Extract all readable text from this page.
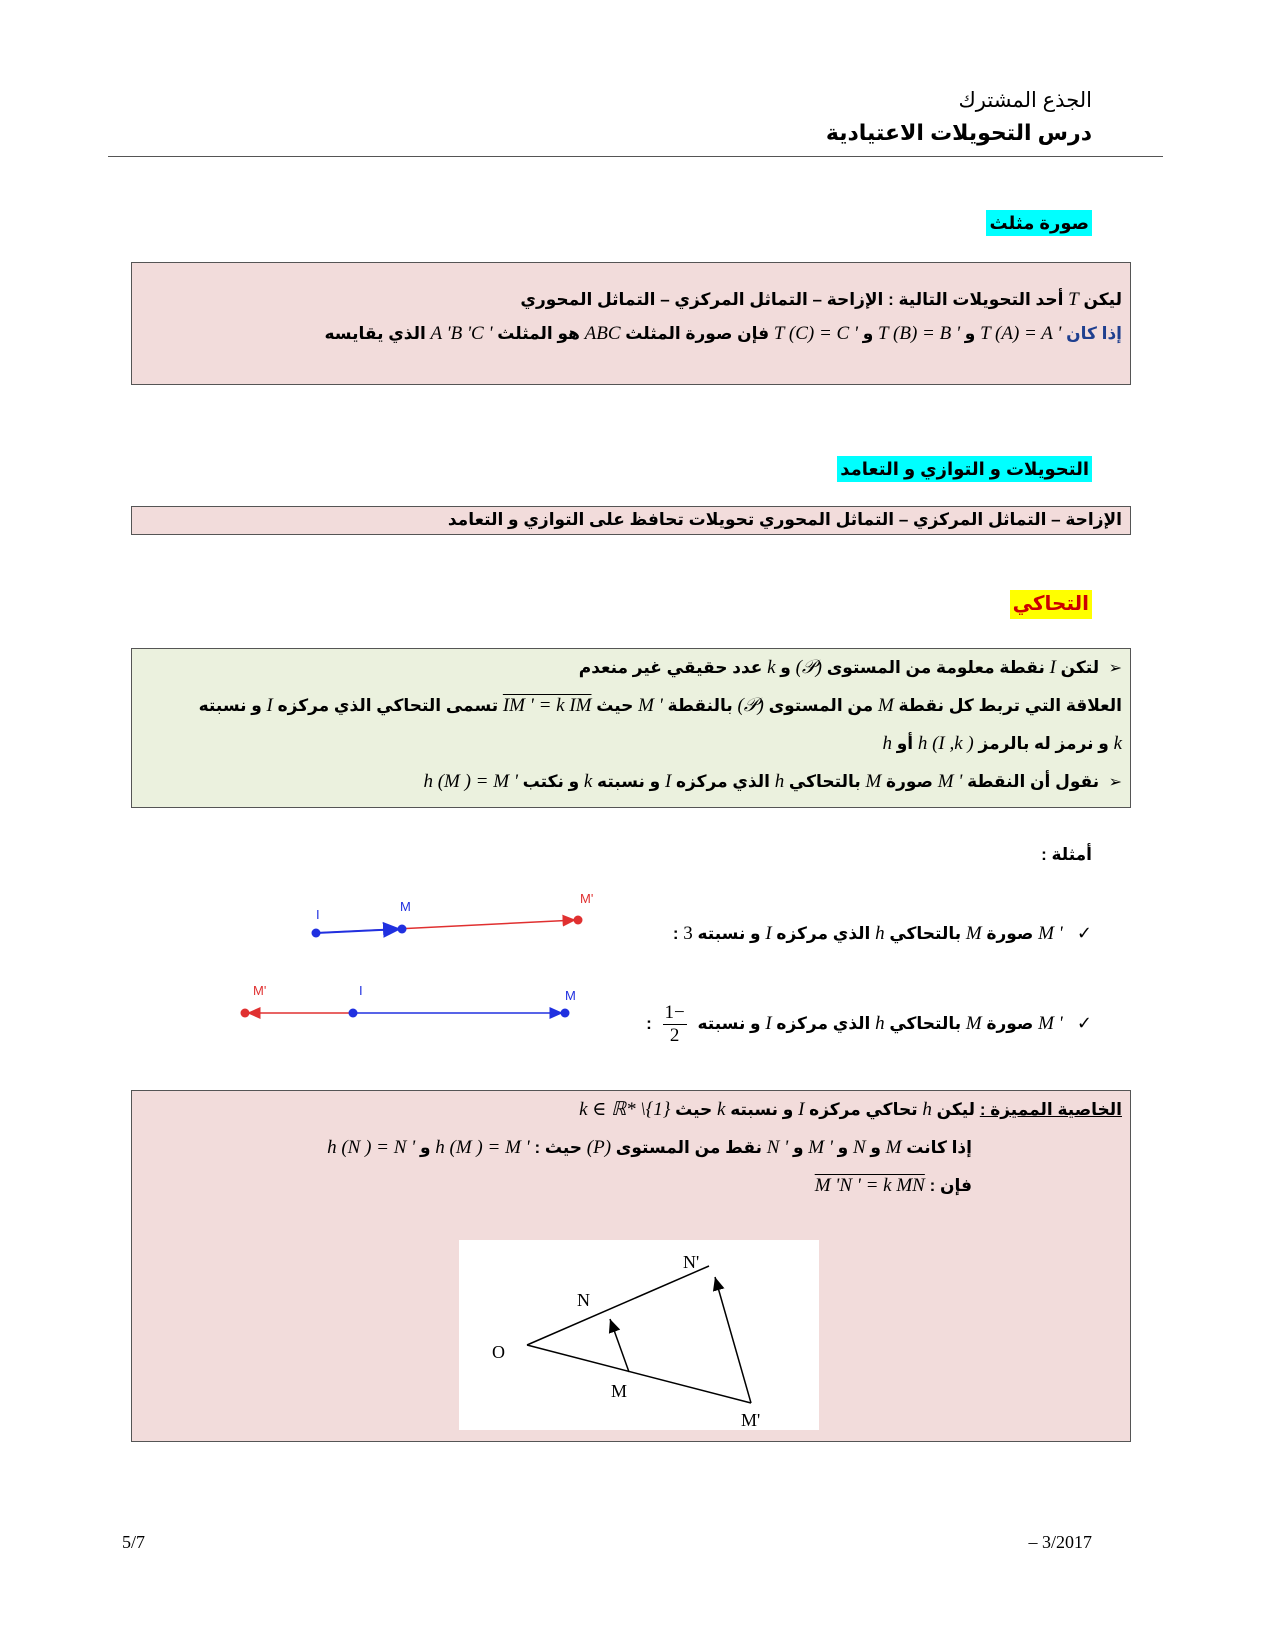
الجذع المشترك
درس التحويلات الاعتيادية
صورة مثلث
ليكن T أحد التحويلات التالية : الإزاحة – التماثل المركزي – التماثل المحوري
إذا كان T (A) = A ' و T (B) = B ' و T (C) = C ' فإن صورة المثلث ABC هو المثلث A 'B 'C ' الذي يقايسه
التحويلات و التوازي و التعامد
الإزاحة – التماثل المركزي – التماثل المحوري تحويلات تحافظ على التوازي و التعامد
التحاكي
➢  لتكن I نقطة معلومة من المستوى (𝒫) و k عدد حقيقي غير منعدم
العلاقة التي تربط كل نقطة M من المستوى (𝒫) بالنقطة M ' حيث IM ' = k IM تسمى التحاكي الذي مركزه I و نسبته
k و نرمز له بالرمز h (I ,k ) أو h
➢  نقول أن النقطة M ' صورة M بالتحاكي h الذي مركزه I و نسبته k و نكتب h (M ) = M '
أمثلة :
I
M
M'
✓   M ' صورة M بالتحاكي h الذي مركزه I و نسبته 3 :
M'	I	M
✓   M ' صورة M بالتحاكي h الذي مركزه I و نسبته
$\frac{-1}{2}$
:
الخاصية المميزة : ليكن h تحاكي مركزه I و نسبته k حيث k ∈ ℝ* \{1}
إذا كانت M و N و M ' و N ' نقط من المستوى (P) حيث : h (M ) = M ' و h (N ) = N '
فإن : M 'N ' = k MN
O
N
N'
M
M'
5/7	– 3/2017
